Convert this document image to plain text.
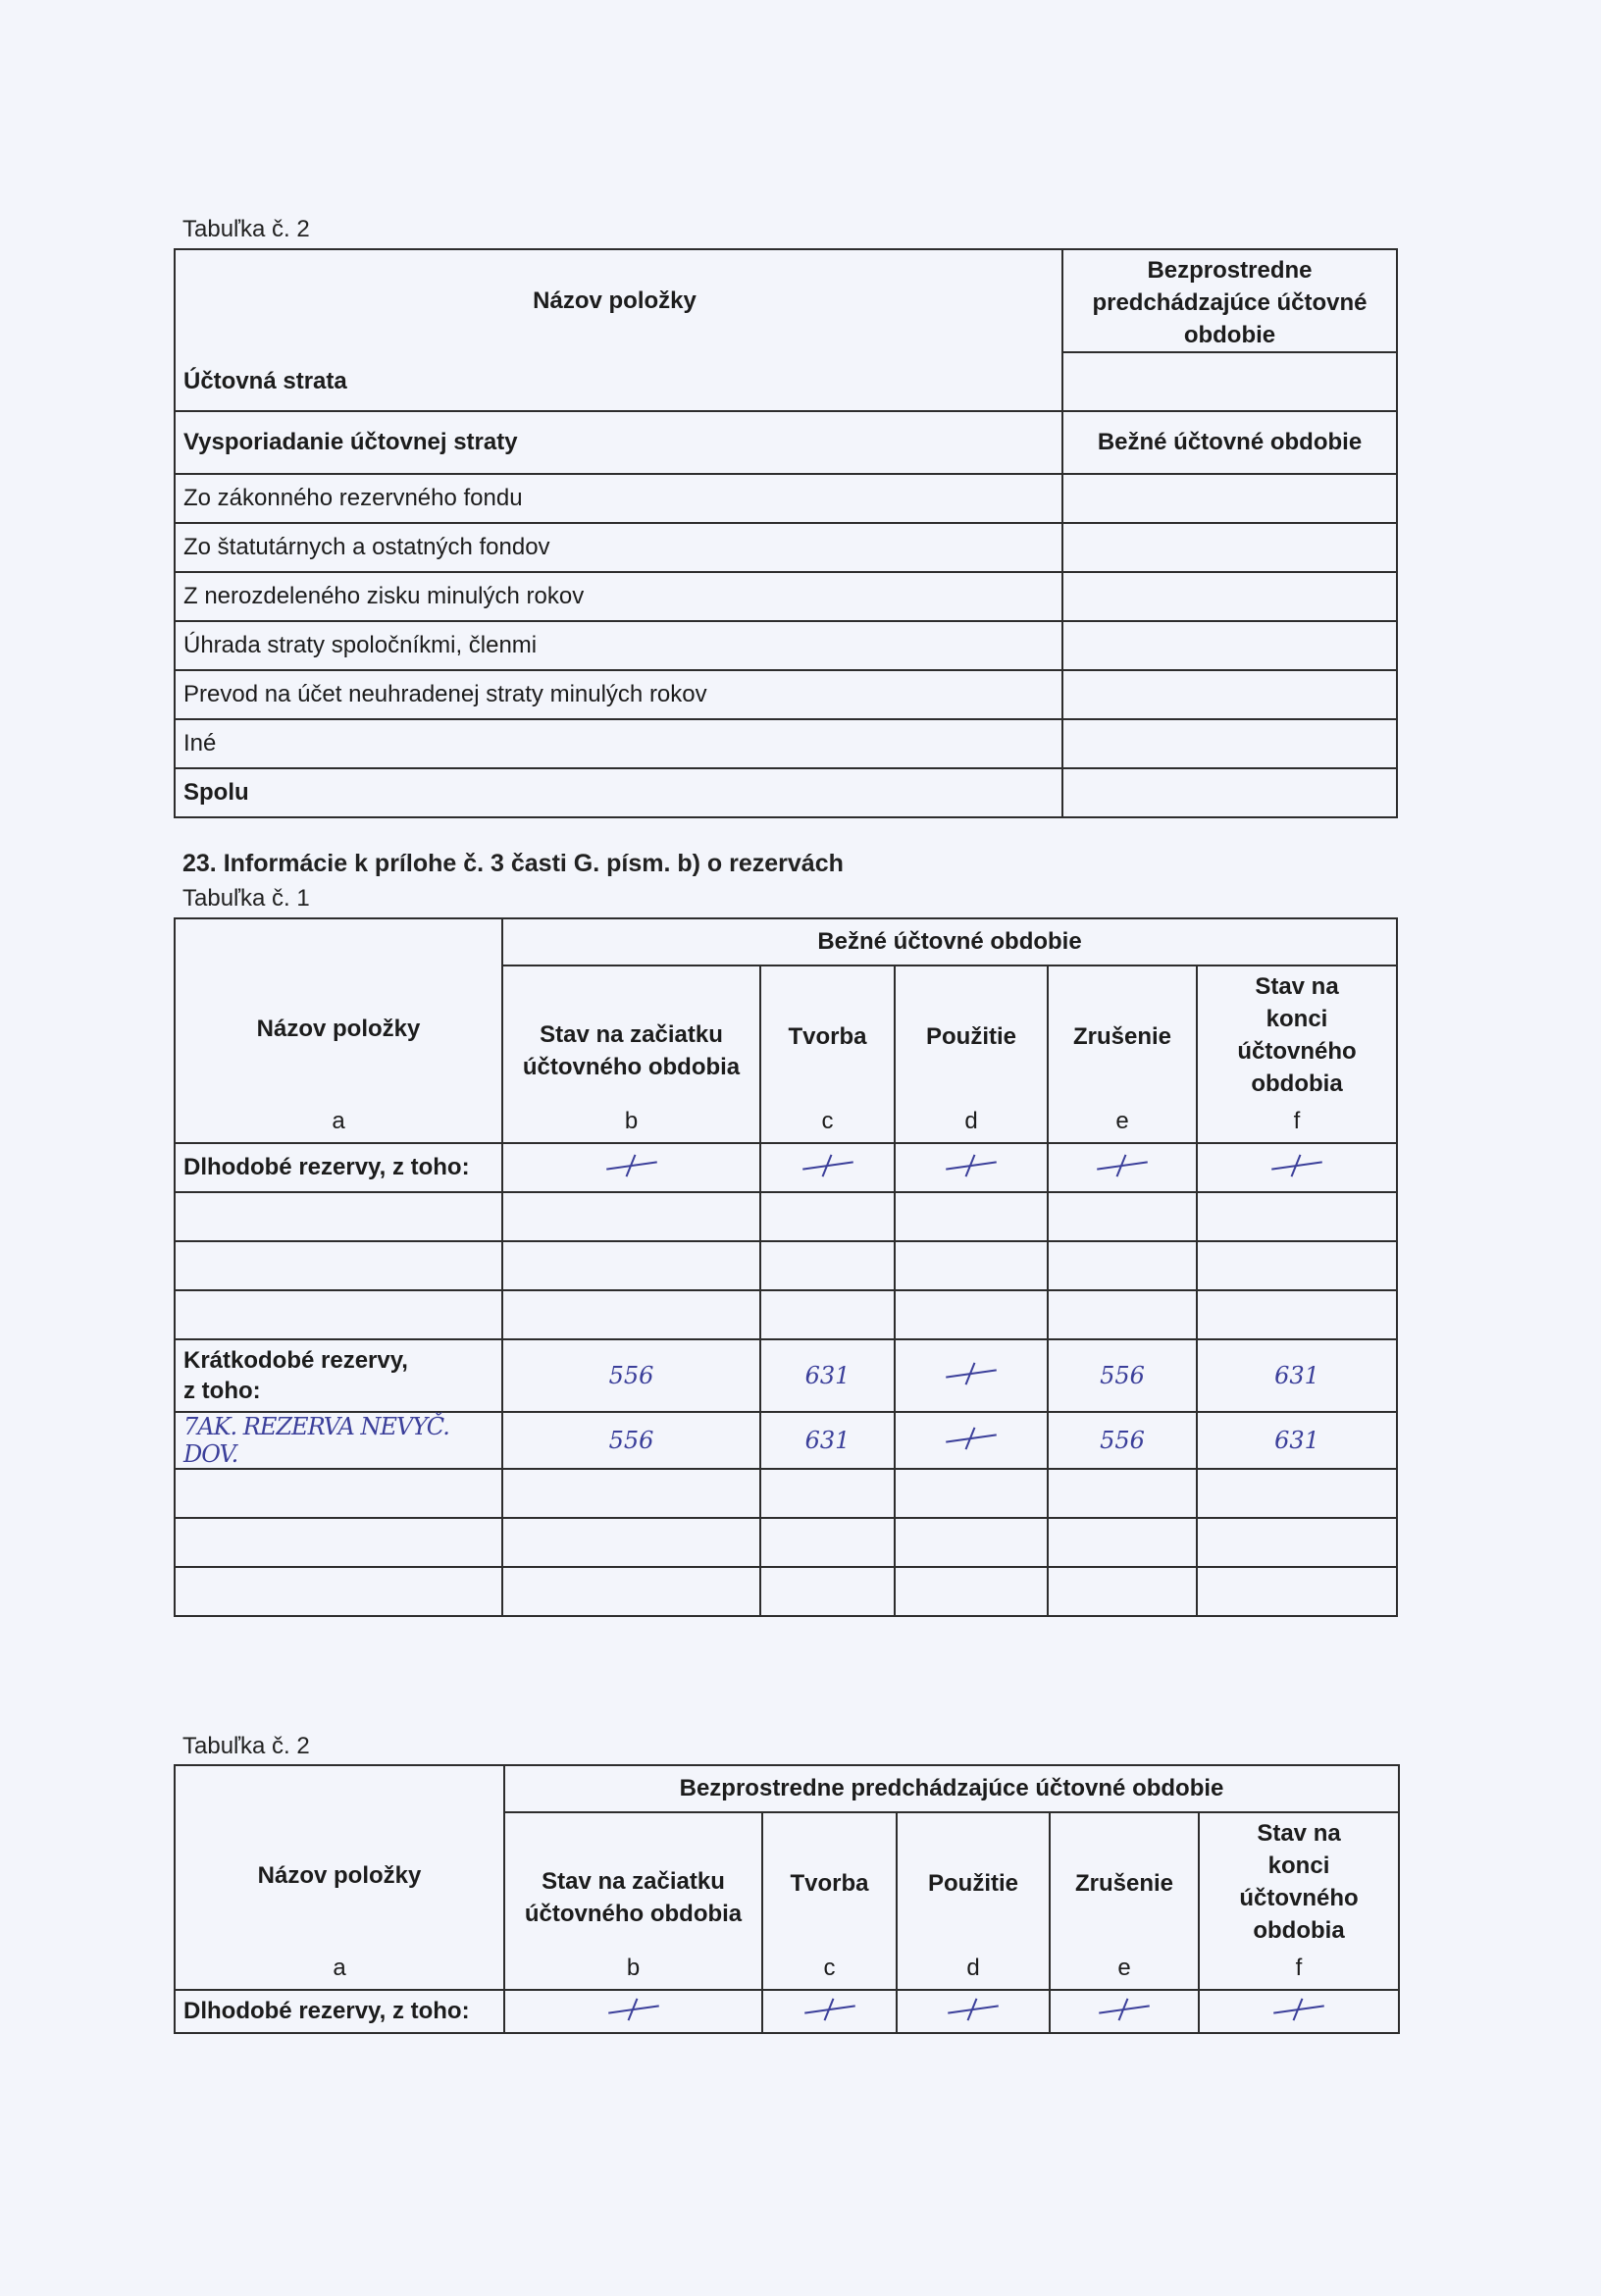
Tabuľka č. 2
Názov položky	Bezprostredne predchádzajúce účtovné obdobie
Účtovná strata	
Vysporiadanie účtovnej straty	Bežné účtovné obdobie
Zo zákonného rezervného fondu	
Zo štatutárnych a ostatných fondov	
Z nerozdeleného zisku minulých rokov	
Úhrada straty spoločníkmi, členmi	
Prevod na účet neuhradenej straty minulých rokov	
Iné	
Spolu	
23. Informácie k prílohe č. 3 časti G. písm. b) o rezervách
Tabuľka č. 1
Názov položky	Bežné účtovné obdobie				
	Stav na začiatku účtovného obdobia	Tvorba	Použitie	Zrušenie	Stav na konci účtovného obdobia
a	b	c	d	e	f
Dlhodobé rezervy, z toho:					

Krátkodobé rezervy,
z toho:	556	631		556	631
7AK. REZERVA NEVYČ. DOV.	556	631		556	631

Tabuľka č. 2
Názov položky	Bezprostredne predchádzajúce účtovné obdobie				
	Stav na začiatku účtovného obdobia	Tvorba	Použitie	Zrušenie	Stav na konci účtovného obdobia
a	b	c	d	e	f
Dlhodobé rezervy, z toho:					
